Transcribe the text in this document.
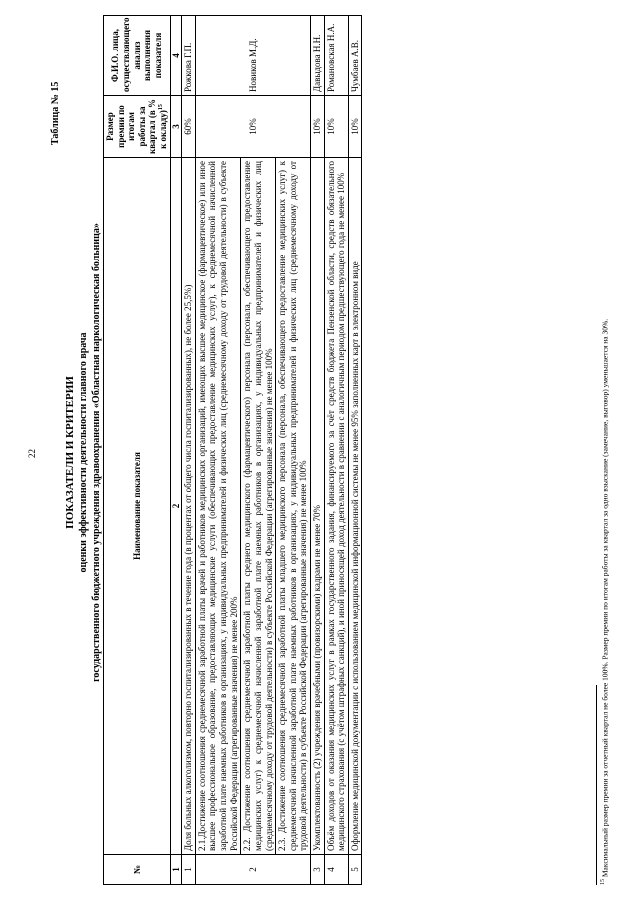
22
Таблица № 15
ПОКАЗАТЕЛИ И КРИТЕРИИ оценки эффективности деятельности главного врача государственного бюджетного учреждения здравоохранения «Областная наркологическая больница»
№	Наименование показателя	Размер премии по итогам работы за квартал (в % к окладу)$^{15}$	Ф.И.О. лица, осуществляющего анализ выполнения показателя
1	2	3	4
1	Доля больных алкоголизмом, повторно госпитализированных в течение года (в процентах от общего числа госпитализированных), не более 25,5%)	60%	Рожкова Г.П.
2	2.1.Достижение соотношения среднемесячной заработной платы врачей и работников медицинских организаций, имеющих высшее медицинское (фармацевтическое) или иное высшее профессиональное образование, предоставляющих медицинские услуги (обеспечивающих предоставление медицинских услуг), к среднемесячной начисленной заработной плате наемных работников в организациях, у индивидуальных предпринимателей и физических лиц (среднемесячному доходу от трудовой деятельности) в субъекте Российской Федерации (агрегированные значения) не менее 200% 2.2. Достижение соотношения среднемесячной заработной платы среднего медицинского (фармацевтического) персонала (персонала, обеспечивающего предоставление медицинских услуг) к среднемесячной начисленной заработной плате наемных работников в организациях, у индивидуальных предпринимателей и физических лиц (среднемесячному доходу от трудовой деятельности) в субъекте Российской Федерации (агрегированные значения) не менее 100% 2.3. Достижение соотношения среднемесячной заработной платы младшего медицинского персонала (персонала, обеспечивающего предоставление медицинских услуг) к среднемесячной начисленной заработной плате наемных работников в организациях, у индивидуальных предпринимателей и физических лиц (среднемесячному доходу от трудовой деятельности) в субъекте Российской Федерации (агрегированные значения) не менее 100%	10%	Новиков М.Д.
3	Укомплектованность (2) учреждения врачебными (провизорскими) кадрами не менее 70%	10%	Давыдова Н.Н.
4	Объём доходов от оказания медицинских услуг в рамках государственного задания, финансируемого за счёт средств бюджета Пензенской области, средств обязательного медицинского страхования (с учётом штрафных санкций), и иной приносящей доход деятельности в сравнении с аналогичным периодом предшествующего года не менее 100%	10%	Романовская Н.А.
5	Оформление медицинской документации с использованием медицинской информационной системы не менее 95% заполненных карт в электронном виде	10%	Чумбаев А.В.
$^{15}$ Максимальный размер премии за отчетный квартал не более 100%. Размер премии по итогам работы за квартал за одно взыскание (замечание, выговор) уменьшается на 30%.
